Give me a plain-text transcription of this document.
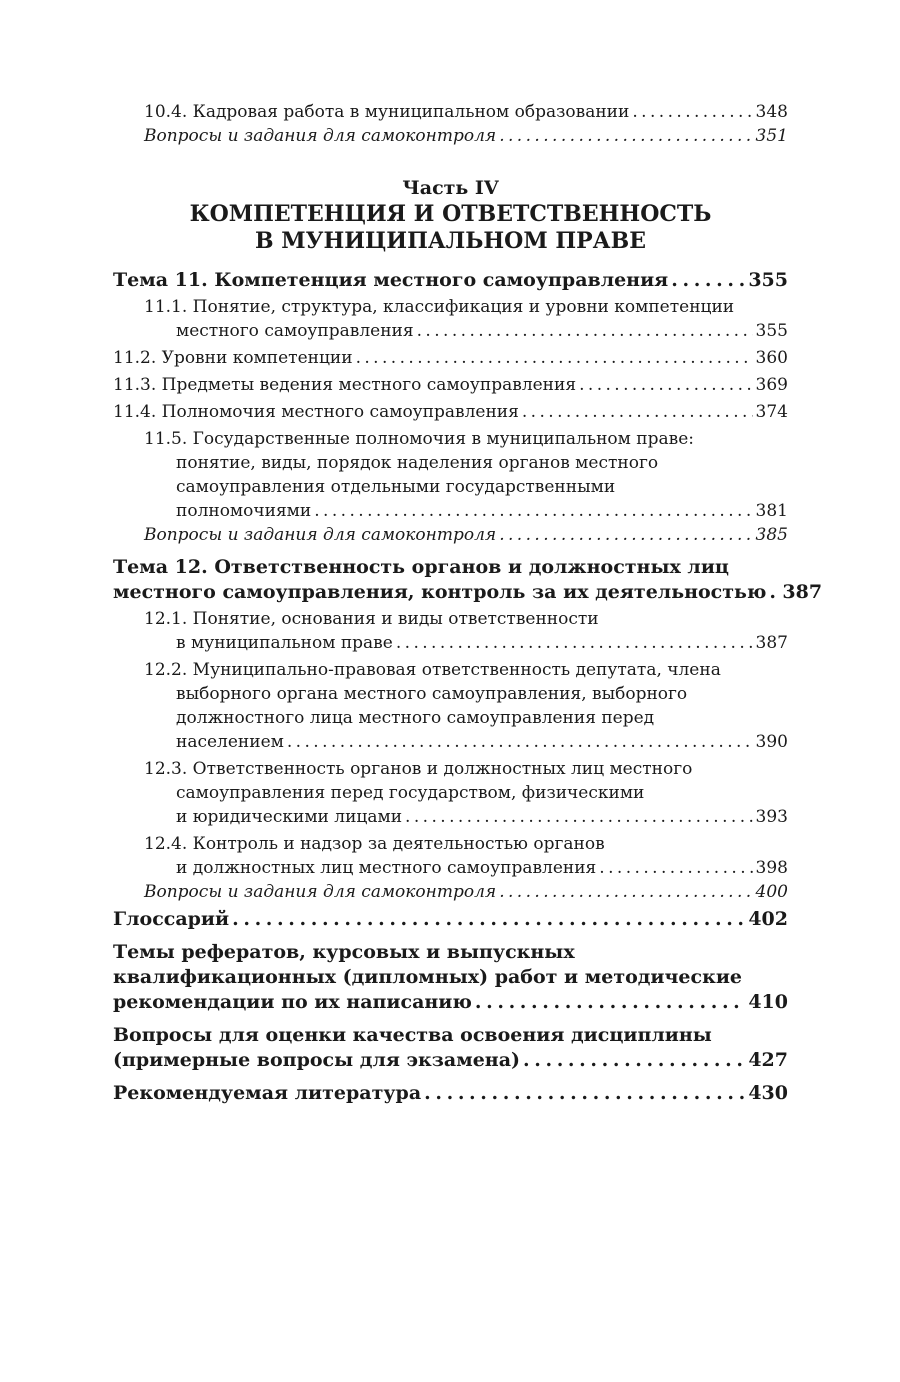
10.4. Кадровая работа в муниципальном образовании . . .	348
Вопросы и задания для самоконтроля . . .	351
Часть IV
КОМПЕТЕНЦИЯ И ОТВЕТСТВЕННОСТЬ
В МУНИЦИПАЛЬНОМ ПРАВЕ
Тема 11. Компетенция местного самоуправления . . .	355
11.1. Понятие, структура, классификация и уровни компетенции
местного самоуправления . . .	355
11.2. Уровни компетенции . . .	360
11.3. Предметы ведения местного самоуправления . . .	369
11.4. Полномочия местного самоуправления . . .	374
11.5. Государственные полномочия в муниципальном праве:
понятие, виды, порядок наделения органов местного
самоуправления отдельными государственными
полномочиями . . .	381
Вопросы и задания для самоконтроля . . .	385
Тема 12. Ответственность органов и должностных лиц
местного самоуправления, контроль за их деятельностью . . . 387
12.1. Понятие, основания и виды ответственности
в муниципальном праве . . .	387
12.2. Муниципально-правовая ответственность депутата, члена
выборного органа местного самоуправления, выборного
должностного лица местного самоуправления перед
населением . . .	390
12.3. Ответственность органов и должностных лиц местного
самоуправления перед государством, физическими
и юридическими лицами . . .	393
12.4. Контроль и надзор за деятельностью органов
и должностных лиц местного самоуправления . . .	398
Вопросы и задания для самоконтроля . . .	400
Глоссарий . . .	402
Темы рефератов, курсовых и выпускных
квалификационных (дипломных) работ и методические
рекомендации по их написанию . . .	410
Вопросы для оценки качества освоения дисциплины
(примерные вопросы для экзамена) . . .	427
Рекомендуемая литература . . .	430
